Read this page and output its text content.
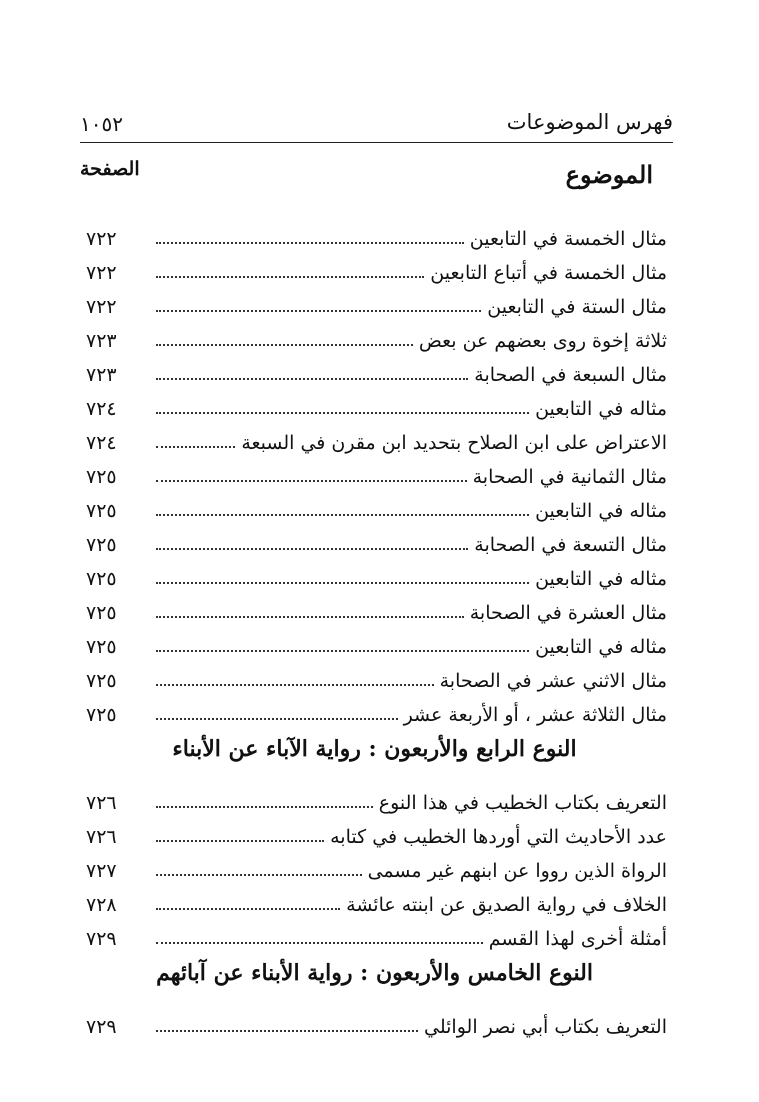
فهرس الموضوعات
١٠٥٢
الموضوع
الصفحة
مثال الخمسة في التابعين
٧٢٢
مثال الخمسة في أتباع التابعين
٧٢٢
مثال الستة في التابعين
٧٢٢
ثلاثة إخوة روى بعضهم عن بعض
٧٢٣
مثال السبعة في الصحابة
٧٢٣
مثاله في التابعين
٧٢٤
الاعتراض على ابن الصلاح بتحديد ابن مقرن في السبعة
٧٢٤
مثال الثمانية في الصحابة
٧٢٥
مثاله في التابعين
٧٢٥
مثال التسعة في الصحابة
٧٢٥
مثاله في التابعين
٧٢٥
مثال العشرة في الصحابة
٧٢٥
مثاله في التابعين
٧٢٥
مثال الاثني عشر في الصحابة
٧٢٥
مثال الثلاثة عشر ، أو الأربعة عشر
٧٢٥
النوع الرابع والأربعون : رواية الآباء عن الأبناء
التعريف بكتاب الخطيب في هذا النوع
٧٢٦
عدد الأحاديث التي أوردها الخطيب في كتابه
٧٢٦
الرواة الذين رووا عن ابنهم غير مسمى
٧٢٧
الخلاف في رواية الصديق عن ابنته عائشة
٧٢٨
أمثلة أخرى لهذا القسم
٧٢٩
النوع الخامس والأربعون : رواية الأبناء عن آبائهم
التعريف بكتاب أبي نصر الوائلي
٧٢٩
